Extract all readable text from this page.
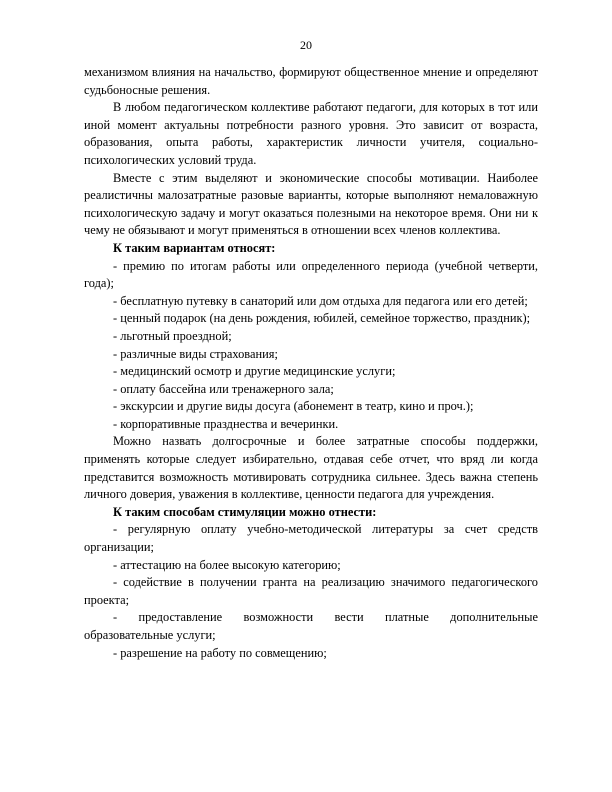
20

механизмом влияния на начальство, формируют общественное мнение и определяют судьбоносные решения.

В любом педагогическом коллективе работают педагоги, для которых в тот или иной момент актуальны потребности разного уровня. Это зависит от возраста, образования, опыта работы, характеристик личности учителя, социально-психологических условий труда.

Вместе с этим выделяют и экономические способы мотивации. Наиболее реалистичны малозатратные разовые варианты, которые выполняют немаловажную психологическую задачу и могут оказаться полезными на некоторое время. Они ни к чему не обязывают и могут применяться в отношении всех членов коллектива.

К таким вариантам относят:

- премию по итогам работы или определенного периода (учебной четверти, года);

- бесплатную путевку в санаторий или дом отдыха для педагога или его детей;

- ценный подарок (на день рождения, юбилей, семейное торжество, праздник);

- льготный проездной;

- различные виды страхования;

- медицинский осмотр и другие медицинские услуги;

- оплату бассейна или тренажерного зала;

- экскурсии и другие виды досуга (абонемент в театр, кино и проч.);

- корпоративные празднества и вечеринки.

Можно назвать долгосрочные и более затратные способы поддержки, применять которые следует избирательно, отдавая себе отчет, что вряд ли когда представится возможность мотивировать сотрудника сильнее. Здесь важна степень личного доверия, уважения в коллективе, ценности педагога для учреждения.

К таким способам стимуляции можно отнести:

- регулярную оплату учебно-методической литературы за счет средств организации;

- аттестацию на более высокую категорию;

- содействие в получении гранта на реализацию значимого педагогического проекта;

- предоставление возможности вести платные дополнительные образовательные услуги;

- разрешение на работу по совмещению;
